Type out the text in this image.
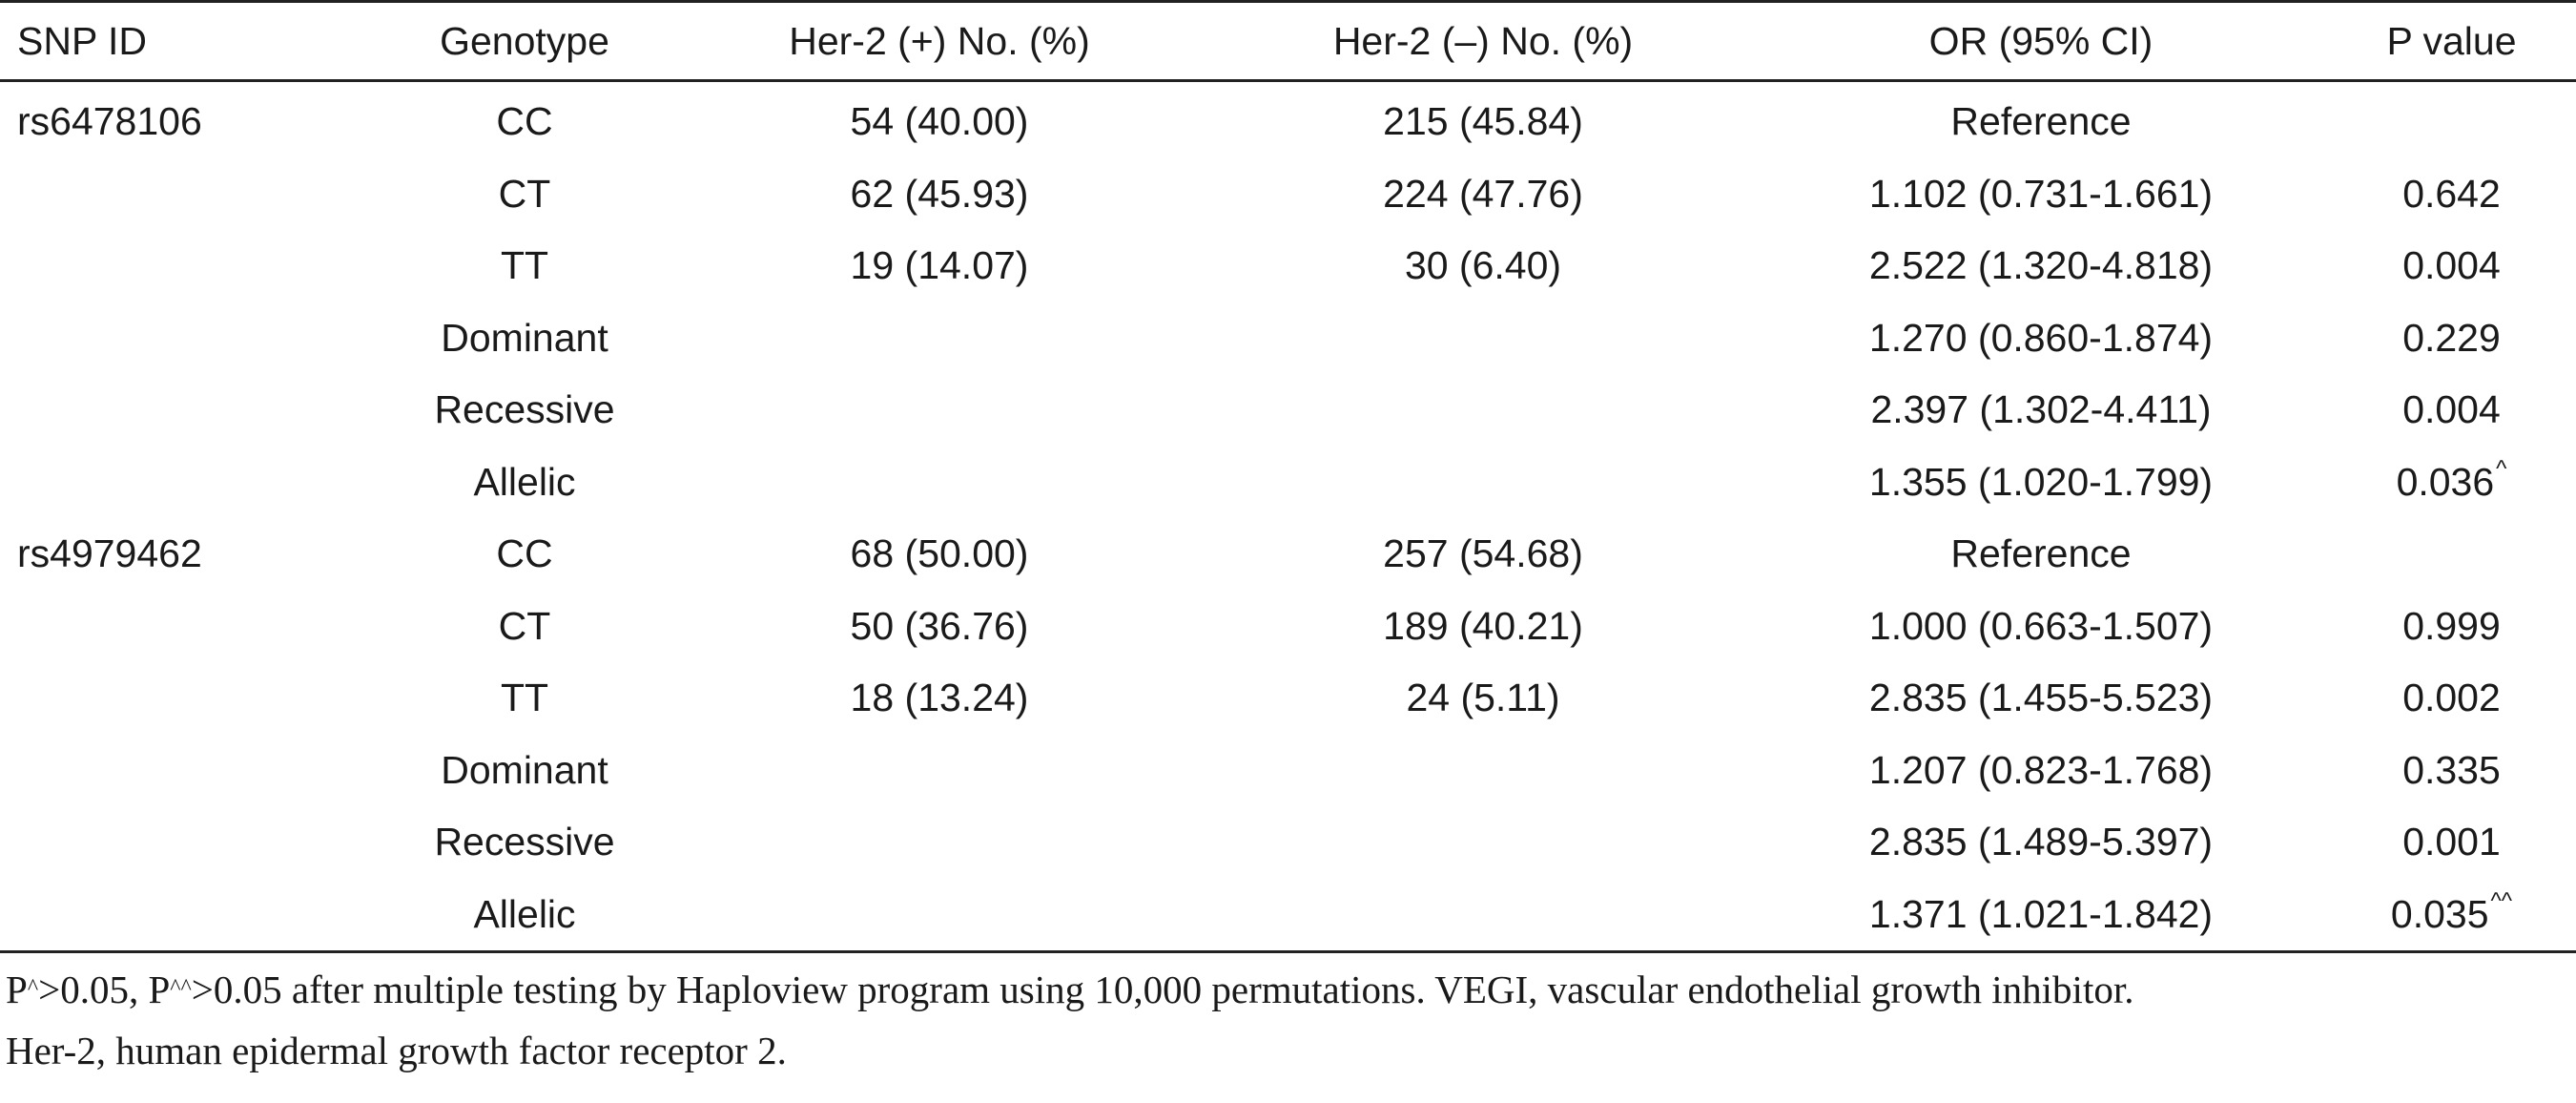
SNP ID	Genotype	Her-2 (+) No. (%)	Her-2 (–) No. (%)	OR (95% CI)	P value
rs6478106	CC	54 (40.00)	215 (45.84)	Reference	
	CT	62 (45.93)	224 (47.76)	1.102 (0.731-1.661)	0.642
	TT	19 (14.07)	30 (6.40)	2.522 (1.320-4.818)	0.004
	Dominant			1.270 (0.860-1.874)	0.229
	Recessive			2.397 (1.302-4.411)	0.004
	Allelic			1.355 (1.020-1.799)	0.036^
rs4979462	CC	68 (50.00)	257 (54.68)	Reference	
	CT	50 (36.76)	189 (40.21)	1.000 (0.663-1.507)	0.999
	TT	18 (13.24)	24 (5.11)	2.835 (1.455-5.523)	0.002
	Dominant			1.207 (0.823-1.768)	0.335
	Recessive			2.835 (1.489-5.397)	0.001
	Allelic			1.371 (1.021-1.842)	0.035^^
P^>0.05, P^^>0.05 after multiple testing by Haploview program using 10,000 permutations. VEGI, vascular endothelial growth inhibitor.
Her-2, human epidermal growth factor receptor 2.
